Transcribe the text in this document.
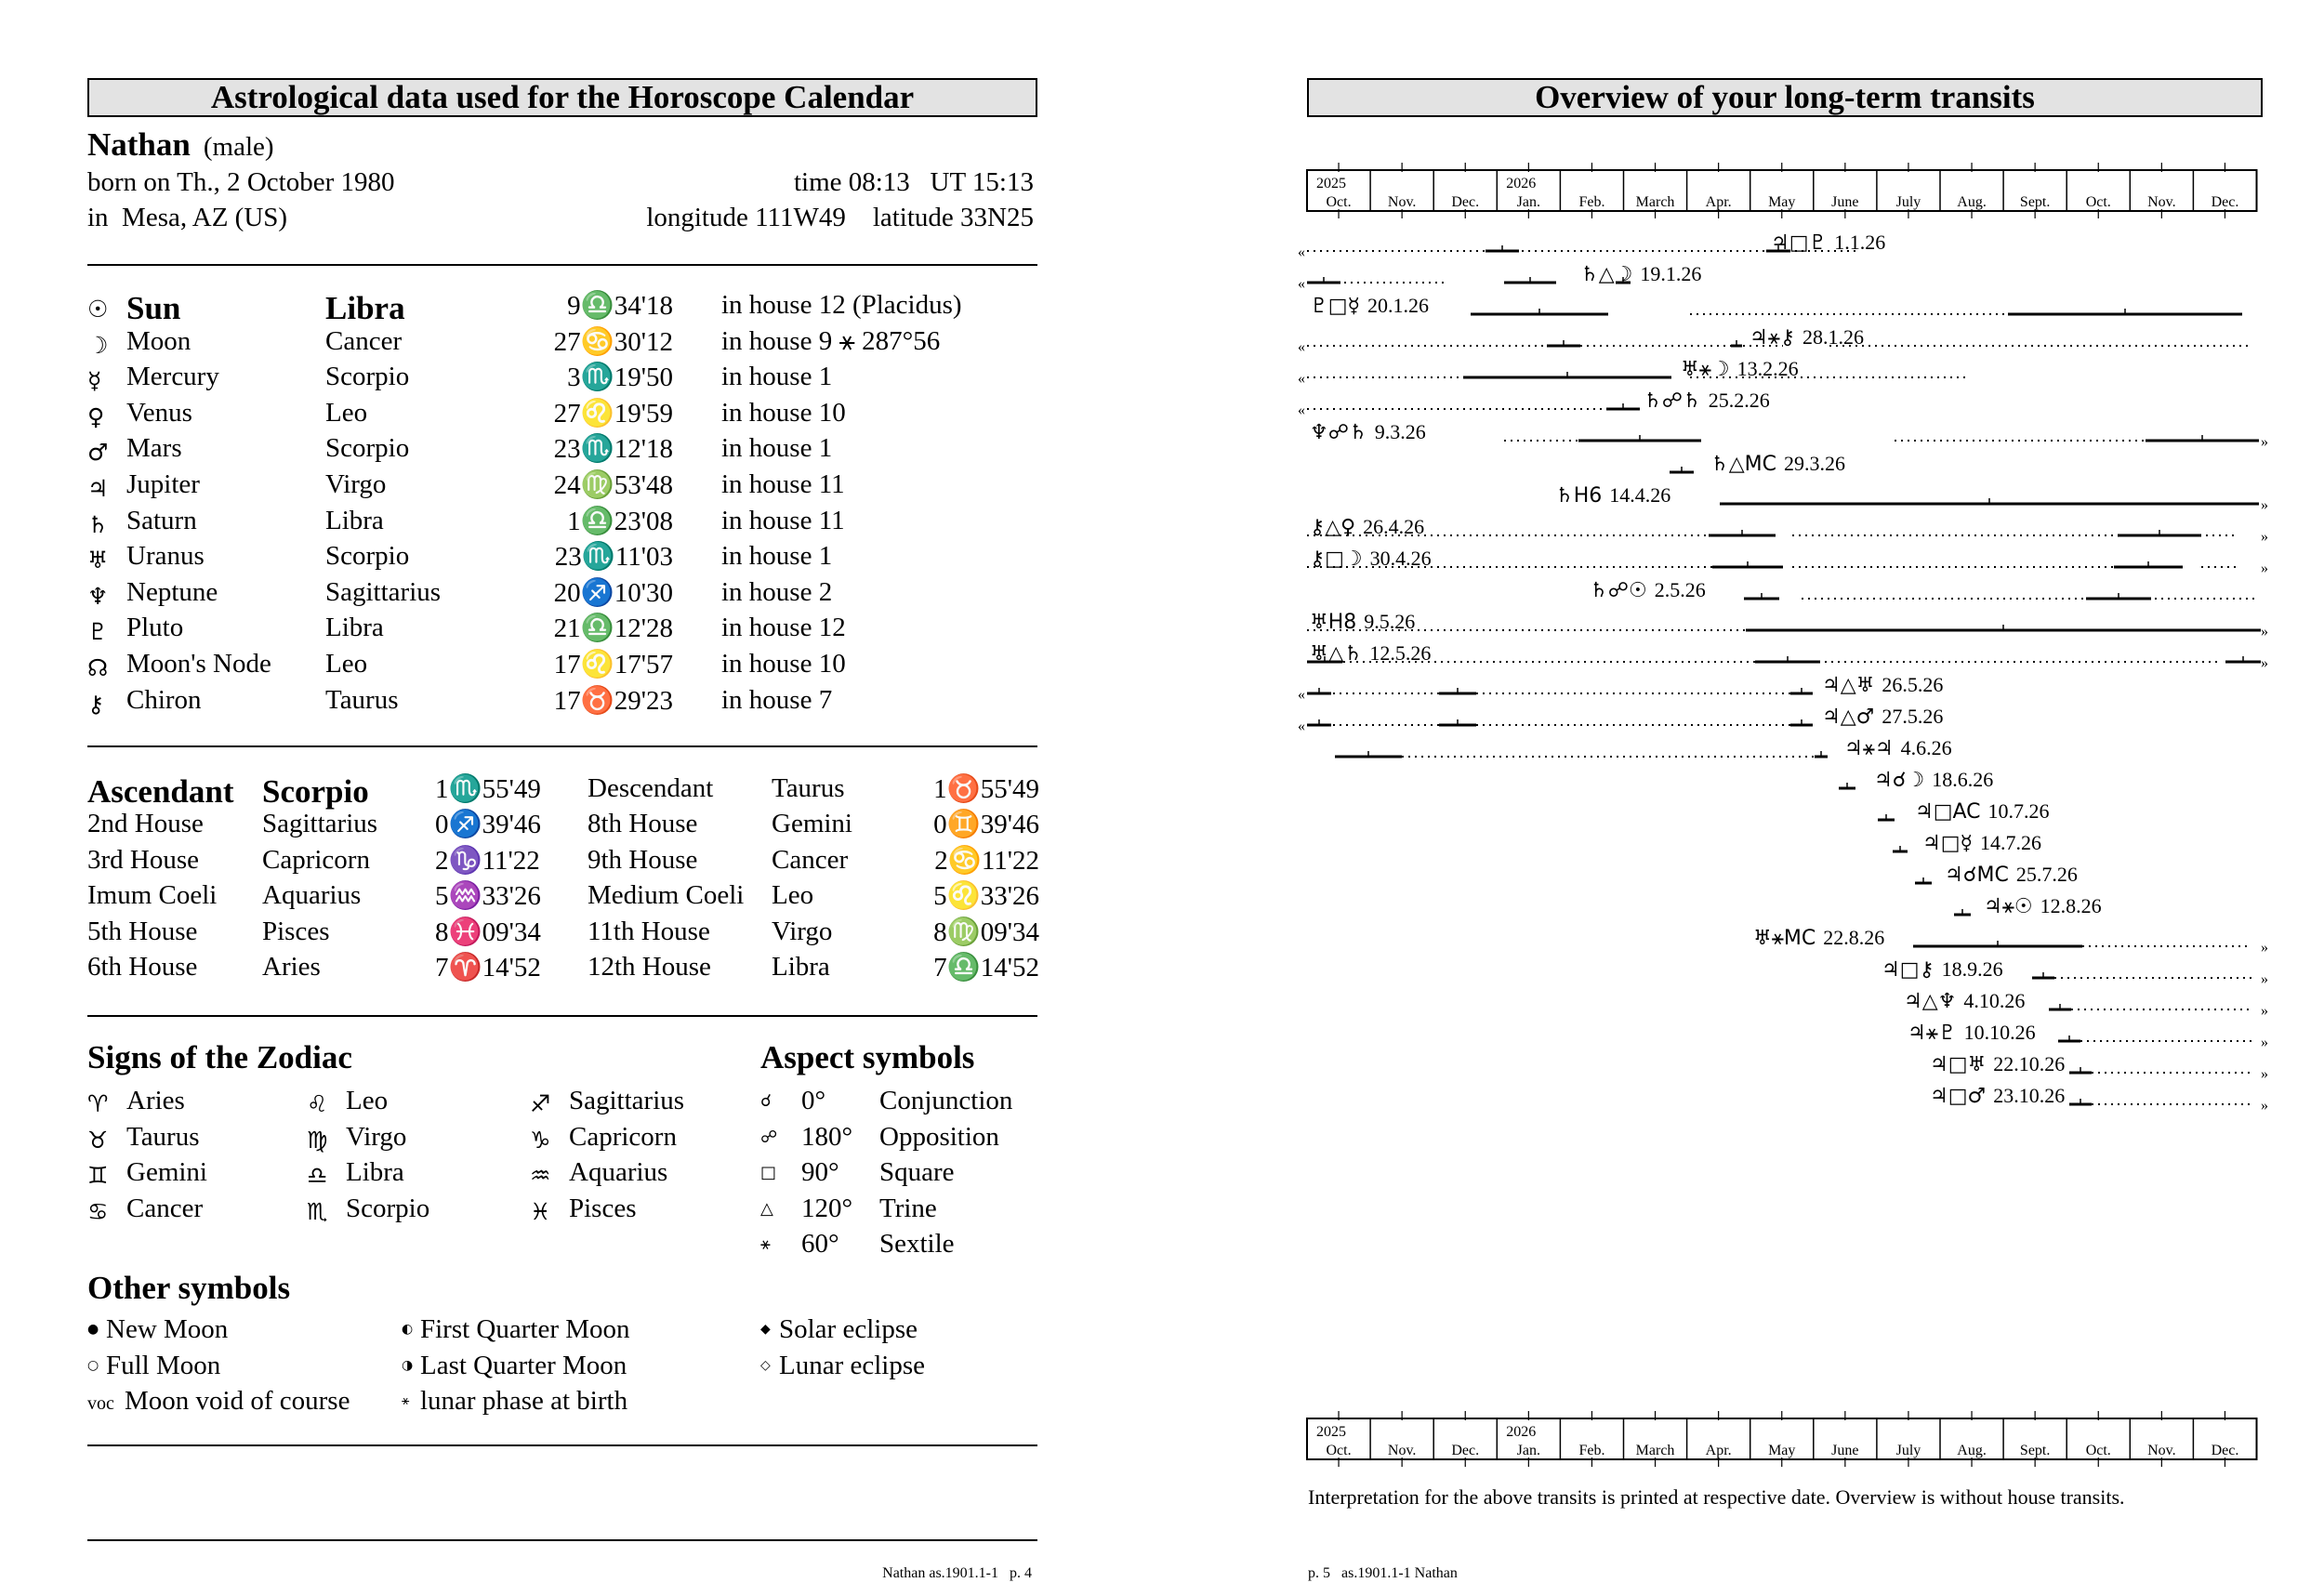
Astrological data used for the Horoscope Calendar
Nathan (male)
born on Th., 2 October 1980	time 08:13   UT 15:13
in  Mesa, AZ (US)	longitude 111W49    latitude 33N25
☉ Sun	Libra	9♎34'18 in house 12 (Placidus)
☽ Moon	Cancer	27♋30'12 in house 9 ⚹ 287°56
☿ Mercury	Scorpio	3♏19'50 in house 1
♀ Venus	Leo	27♌19'59 in house 10
♂ Mars	Scorpio	23♏12'18 in house 1
♃ Jupiter	Virgo	24♍53'48 in house 11
♄ Saturn	Libra	1♎23'08 in house 11
♅ Uranus	Scorpio	23♏11'03 in house 1
♆ Neptune	Sagittarius	20♐10'30 in house 2
♇ Pluto	Libra	21♎12'28 in house 12
☊ Moon's Node Leo	17♌17'57 in house 10
⚷ Chiron	Taurus	17♉29'23 in house 7
Ascendant Scorpio 1♏55'49 Descendant Taurus	1♉55'49
2nd House Sagittarius 0♐39'46 8th House	Gemini	0♊39'46
3rd House Capricorn 2♑11'22 9th House	Cancer	2♋11'22
Imum Coeli Aquarius	5♒33'26 Medium Coeli Leo	5♌33'26
5th House Pisces	8♓09'34 11th House Virgo	8♍09'34
6th House Aries	7♈14'52 12th House Libra	7♎14'52
Signs of the Zodiac	Aspect symbols
♈ Aries
♉ Taurus
♊ Gemini
♋ Cancer
♌ Leo
♍ Virgo
♎ Libra
♏ Scorpio
♐ Sagittarius
♑ Capricorn
♒ Aquarius
♓ Pisces
☌ 0° Conjunction
☍ 180° Opposition
□ 90° Square
△ 120° Trine
⚹ 60° Sextile
Other symbols
● New Moon
○ Full Moon
voc Moon void of course
◐ First Quarter Moon
◑ Last Quarter Moon
⚹ lunar phase at birth
◆ Solar eclipse
◇ Lunar eclipse
Nathan as.1901.1-1   p. 4
Overview of your long-term transits
2025
Oct. Nov. Dec.
2026
Jan.	Feb. March Apr. May June	July Aug. Sept. Oct. Nov. Dec.
«
«
«
«
«
»
»
»
»
»
»
«
«
»
»
»
»
»
»
♃□♇ 1.1.26
♄△☽ 19.1.26
♇□☿ 20.1.26
♃⚹⚷ 28.1.26
♅⚹☽ 13.2.26
♄☍♄ 25.2.26
♆☍♄ 9.3.26
♄△MC 29.3.26
♄H6 14.4.26
⚷△♀ 26.4.26
⚷□☽ 30.4.26
♄☍☉ 2.5.26
♅H8 9.5.26
♅△♄ 12.5.26
♃△♅ 26.5.26
♃△♂ 27.5.26
♃⚹♃ 4.6.26
♃☌☽ 18.6.26
♃□AC 10.7.26
♃□☿ 14.7.26
♃☌MC 25.7.26
♃⚹☉ 12.8.26
♅⚹MC 22.8.26
♃□⚷ 18.9.26
♃△♆ 4.10.26
♃⚹♇ 10.10.26
♃□♅ 22.10.26
♃□♂ 23.10.26
2025
Oct. Nov. Dec.
2026
Jan.	Feb. March Apr. May June	July Aug. Sept. Oct. Nov. Dec.
Interpretation for the above transits is printed at respective date. Overview is without house transits.
p. 5   as.1901.1-1 Nathan
